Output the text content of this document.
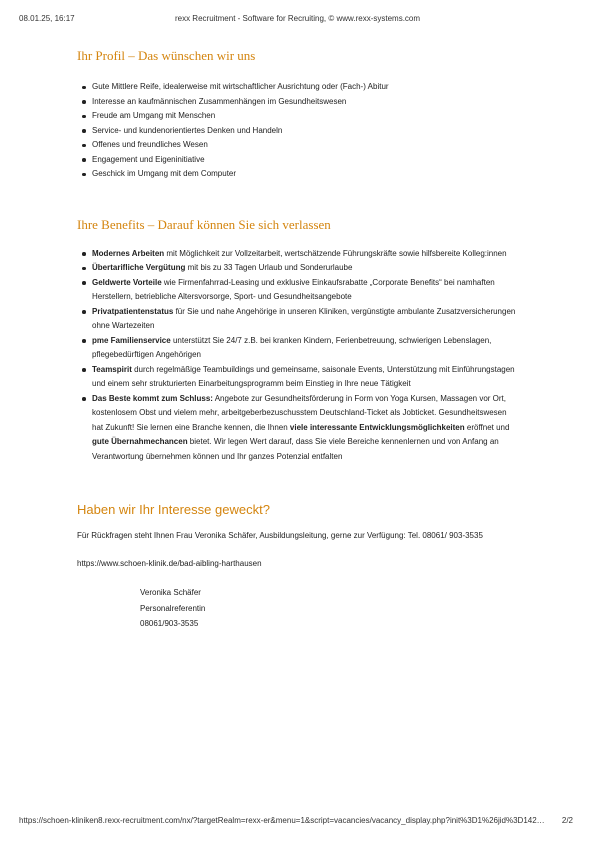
08.01.25, 16:17	rexx Recruitment - Software for Recruiting, © www.rexx-systems.com
Ihr Profil – Das wünschen wir uns
Gute Mittlere Reife, idealerweise mit wirtschaftlicher Ausrichtung oder (Fach-) Abitur
Interesse an kaufmännischen Zusammenhängen im Gesundheitswesen
Freude am Umgang mit Menschen
Service- und kundenorientiertes Denken und Handeln
Offenes und freundliches Wesen
Engagement und Eigeninitiative
Geschick im Umgang mit dem Computer
Ihre Benefits – Darauf können Sie sich verlassen
Modernes Arbeiten mit Möglichkeit zur Vollzeitarbeit, wertschätzende Führungskräfte sowie hilfsbereite Kolleg:innen
Übertarifliche Vergütung mit bis zu 33 Tagen Urlaub und Sonderurlaube
Geldwerte Vorteile wie Firmenfahrrad-Leasing und exklusive Einkaufsrabatte „Corporate Benefits“ bei namhaften Herstellern, betriebliche Altersvorsorge, Sport- und Gesundheitsangebote
Privatpatientenstatus für Sie und nahe Angehörige in unseren Kliniken, vergünstigte ambulante Zusatzversicherungen ohne Wartezeiten
pme Familienservice unterstützt Sie 24/7 z.B. bei kranken Kindern, Ferienbetreuung, schwierigen Lebenslagen, pflegebedürftigen Angehörigen
Teamspirit durch regelmäßige Teambuildings und gemeinsame, saisonale Events, Unterstützung mit Einführungstagen und einem sehr strukturierten Einarbeitungsprogramm beim Einstieg in Ihre neue Tätigkeit
Das Beste kommt zum Schluss: Angebote zur Gesundheitsförderung in Form von Yoga Kursen, Massagen vor Ort, kostenlosem Obst und vielem mehr, arbeitgeberbezuschusstem Deutschland-Ticket als Jobticket. Gesundheitswesen hat Zukunft! Sie lernen eine Branche kennen, die Ihnen viele interessante Entwicklungsmöglichkeiten eröffnet und gute Übernahmechancen bietet. Wir legen Wert darauf, dass Sie viele Bereiche kennenlernen und von Anfang an Verantwortung übernehmen können und Ihr ganzes Potenzial entfalten
Haben wir Ihr Interesse geweckt?

Für Rückfragen steht Ihnen Frau Veronika Schäfer, Ausbildungsleitung, gerne zur Verfügung: Tel. 08061/ 903-3535

https://www.schoen-klinik.de/bad-aibling-harthausen

Veronika Schäfer

Personalreferentin

08061/903-3535

https://schoen-kliniken8.rexx-recruitment.com/nx/?targetRealm=rexx-er&menu=1&script=vacancies/vacancy_display.php?init%3D1%26jid%3D142…	2/2
